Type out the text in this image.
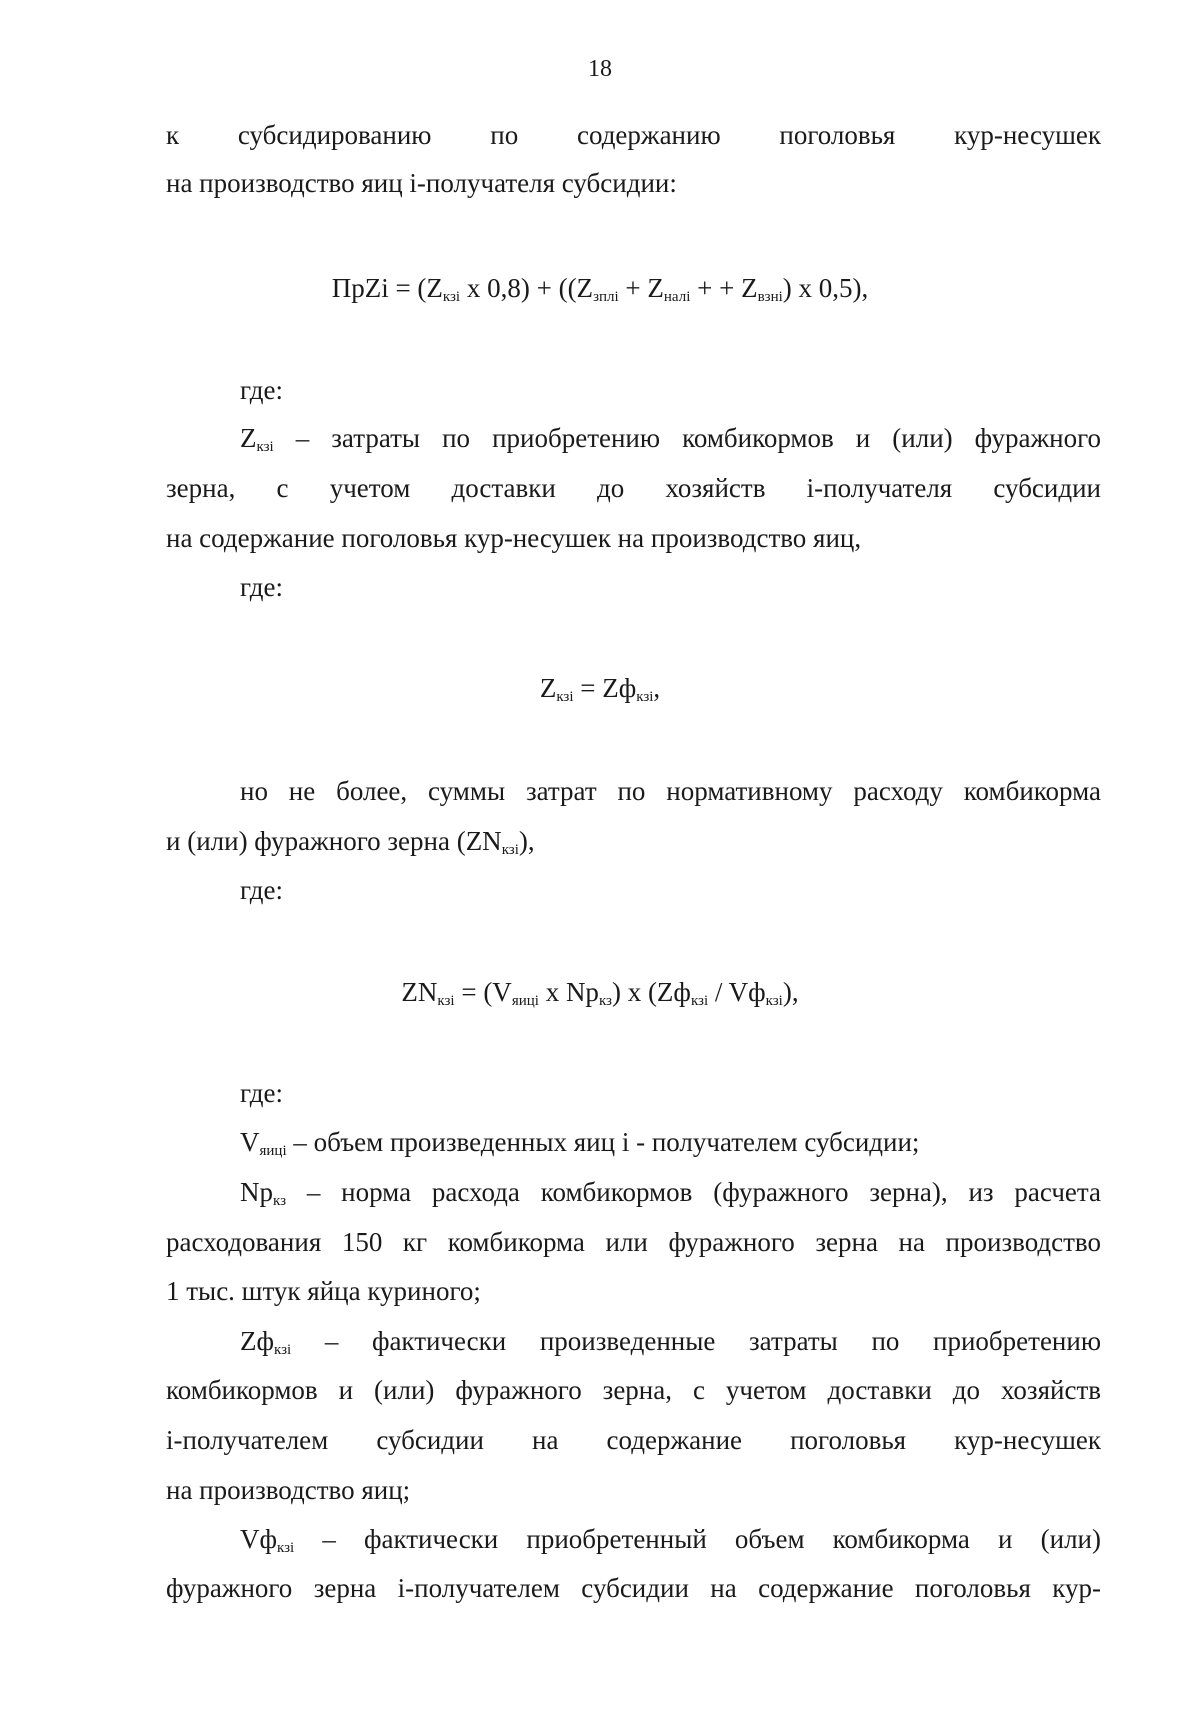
18
к субсидированию по содержанию поголовья кур-несушек
на производство яиц i-получателя субсидии:
ПрZi = ($Z_{кзi}$ х $0,8) + ((Z_{зплi} + Z_{налi}$ + + $Z_{взнi}$) х 0,5),
где:
$Z_{кзi}$ – затраты по приобретению комбикормов и (или) фуражного
зерна, с учетом доставки до хозяйств i-получателя субсидии
на содержание поголовья кур-несушек на производство яиц,
где:
$Z_{кзi} = Zф_{кзi}$,
но не более, суммы затрат по нормативному расходу комбикорма
и (или) фуражного зерна $(ZN_{кзi})$,
где:
$ZN_{кзi} = (V_{яицi}$ х $Np_{кз}$) х $(Zф_{кзi} / Vф_{кзi})$,
где:
$V_{яицi}$ – объем произведенных яиц i - получателем субсидии;
$Np_{кз}$ – норма расхода комбикормов (фуражного зерна), из расчета
расходования 150 кг комбикорма или фуражного зерна на производство
1 тыс. штук яйца куриного;
$Zф_{кзi}$ – фактически произведенные затраты по приобретению
комбикормов и (или) фуражного зерна, с учетом доставки до хозяйств
i-получателем субсидии на содержание поголовья кур-несушек
на производство яиц;
$Vф_{кзi}$ – фактически приобретенный объем комбикорма и (или)
фуражного зерна i-получателем субсидии на содержание поголовья кур-
